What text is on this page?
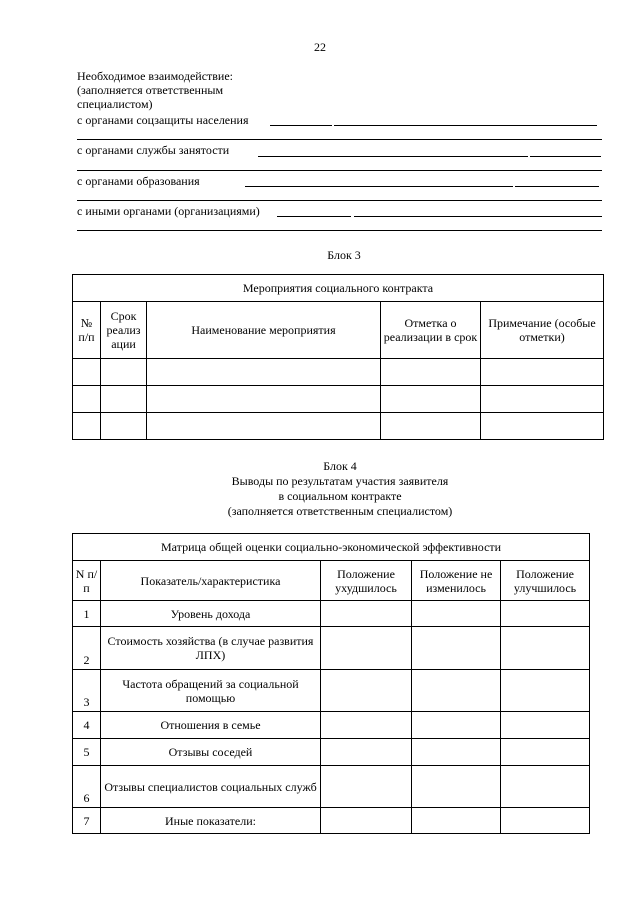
22
Необходимое взаимодействие:
(заполняется ответственным
специалистом)
с органами соцзащиты населения
с органами службы занятости
с органами образования
с иными органами (организациями)
Блок 3
Мероприятия социального контракта				
№ п/п	Срок реализ ации	Наименование мероприятия	Отметка о реализации в срок	Примечание (особые отметки)

Блок 4
Выводы по результатам участия заявителя
в социальном контракте
(заполняется ответственным специалистом)
Матрица общей оценки социально-экономической эффективности				
N п/п	Показатель/характеристика	Положение ухудшилось	Положение не изменилось	Положение улучшилось
1	Уровень дохода			
2	Стоимость хозяйства (в случае развития ЛПХ)			
3	Частота обращений за социальной помощью			
4	Отношения в семье			
5	Отзывы соседей			
6	Отзывы специалистов социальных служб			
7	Иные показатели:			
